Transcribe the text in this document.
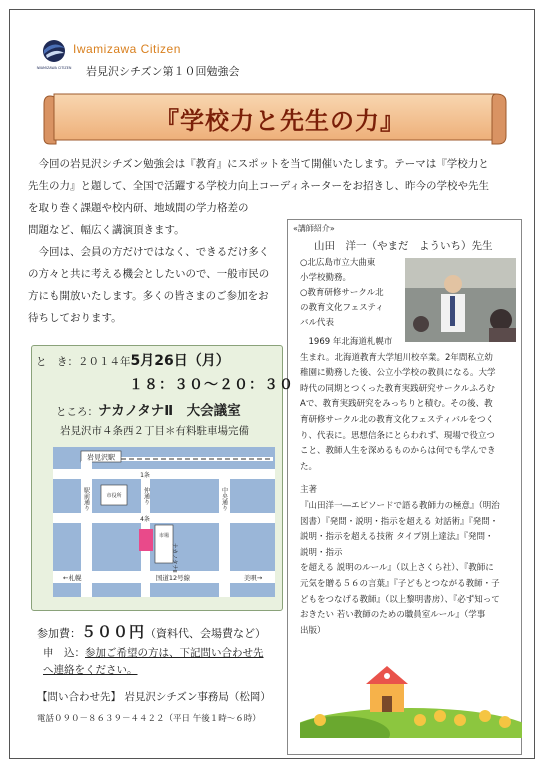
IWAMIZAWA CITIZEN
Iwamizawa Citizen
岩見沢シチズン第１０回勉強会
『学校力と先生の力』
今回の岩見沢シチズン勉強会は『教育』にスポットを当て開催いたします。テーマは『学校力と
先生の力』と題して、全国で活躍する学校力向上コーディネーターをお招きし、昨今の学校や先生
を取り巻く課題や校内研、地域間の学力格差の
問題など、幅広く講演頂きます。
今回は、会員の方だけではなく、できるだけ多く
の方々と共に考える機会としたいので、一般市民の
方にも開放いたします。多くの皆さまのご参加をお
待ちしております。
«講師紹介»
山田　洋一（やまだ　よういち）先生
○北広島市立大曲東
小学校勤務。
○教育研修サークル北
の教育文化フェスティ
バル代表
　1969 年北海道札幌市
生まれ。北海道教育大学旭川校卒業。2年間私立幼
稚園に勤務した後、公立小学校の教員になる。大学
時代の同期とつくった教育実践研究サークルふろむ
Aで、教育実践研究をみっちりと積む。その後、教
育研修サークル北の教育文化フェスティバルをつく
り、代表に。思想信条にとらわれず、現場で役立つ
こと、教師人生を深めるものからは何でも学んでき
た。
主著
『山田洋一―エピソードで語る教師力の極意』（明治
図書）『発問・説明・指示を超える 対話術』『発問・
説明・指示を超える技術 タイプ別上達法』『発問・
説明・指示
を超える 説明のルール』（以上さくら社）、『教師に
元気を贈る５６の言葉』『子どもとつながる教師・子
どもをつなげる教師』（以上黎明書房）、『必ず知って
おきたい 若い教師のための職員室ルール』（学事
出版）
と　き：２０１４年5月26日（月）
１８：３０～２０：３０
ところ：ナカノタナⅡ　大会議室
岩見沢市４条西２丁目＊有料駐車場完備
岩見沢駅
市役所
市場
ナカノタナⅡ
1条
4条
駅前通り	仲通り	中央通り
←札幌	国道12号線	美唄→
参加費：５００円（資料代、会場費など）
申　込：参加ご希望の方は、下記問い合わせ先
へ連絡をください。
【問い合わせ先】 岩見沢シチズン事務局（松岡）
電話０９０－８６３９－４４２２（平日 午後１時～６時）
